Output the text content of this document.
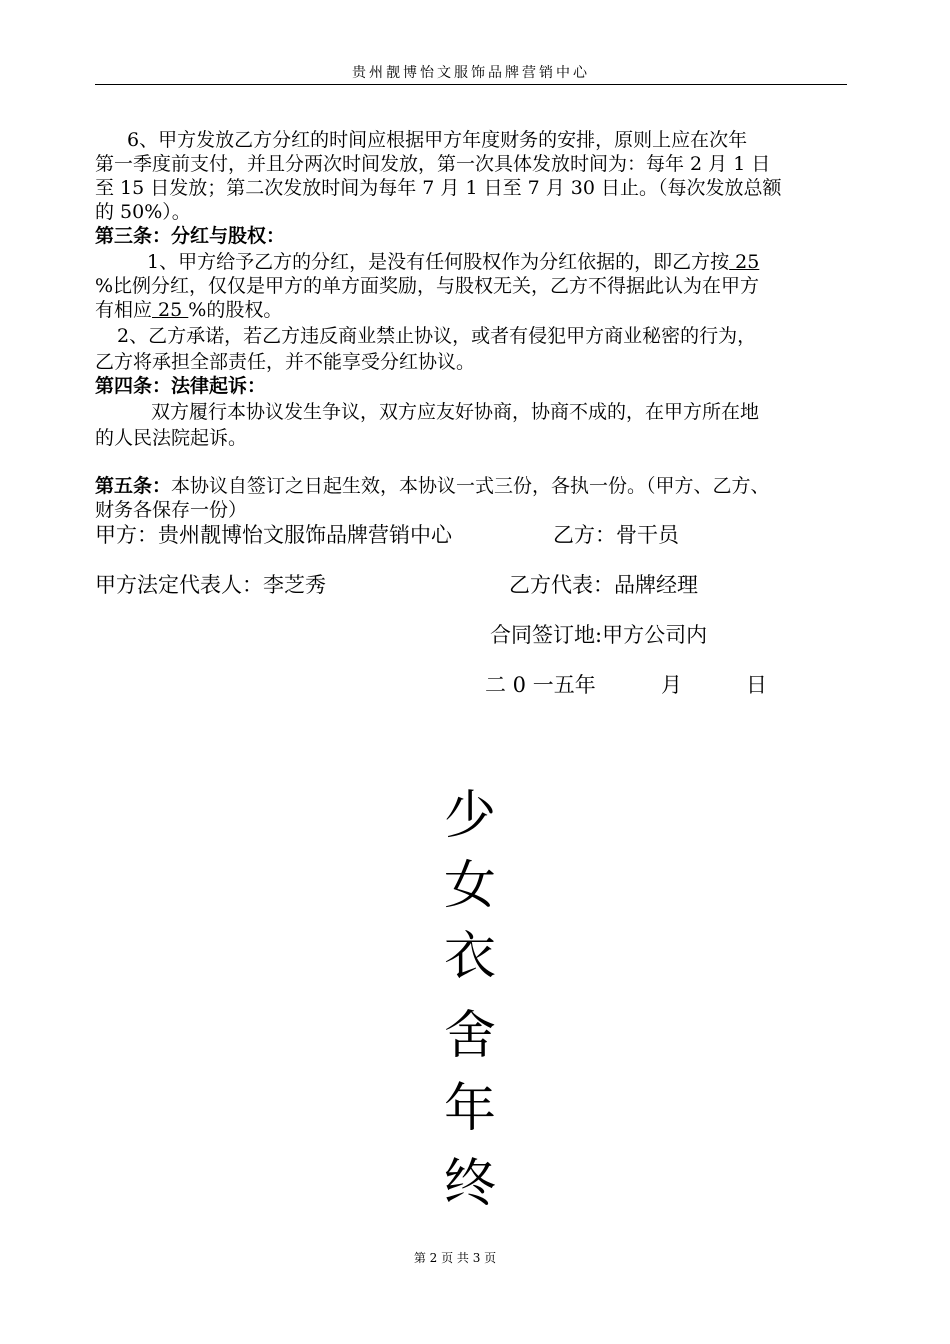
贵州靓博怡文服饰品牌营销中心
6、甲方发放乙方分红的时间应根据甲方年度财务的安排，原则上应在次年
第一季度前支付，并且分两次时间发放，第一次具体发放时间为：每年 2 月 1 日
至 15 日发放；第二次发放时间为每年 7 月 1 日至 7 月 30 日止。（每次发放总额
的 50%）。
第三条：分红与股权：
1、甲方给予乙方的分红，是没有任何股权作为分红依据的，即乙方按 25
%比例分红，仅仅是甲方的单方面奖励，与股权无关，乙方不得据此认为在甲方
有相应 25 %的股权。
2、乙方承诺，若乙方违反商业禁止协议，或者有侵犯甲方商业秘密的行为，
乙方将承担全部责任，并不能享受分红协议。
第四条：法律起诉：
双方履行本协议发生争议，双方应友好协商，协商不成的，在甲方所在地
的人民法院起诉。
第五条：本协议自签订之日起生效，本协议一式三份，各执一份。（甲方、乙方、
财务各保存一份）
甲方：贵州靓博怡文服饰品牌营销中心	乙方：骨干员
甲方法定代表人：李芝秀	乙方代表：品牌经理
合同签订地:甲方公司内
二 0 一五年	月	日
少
女
衣
舍
年
终
第 2 页 共 3 页
